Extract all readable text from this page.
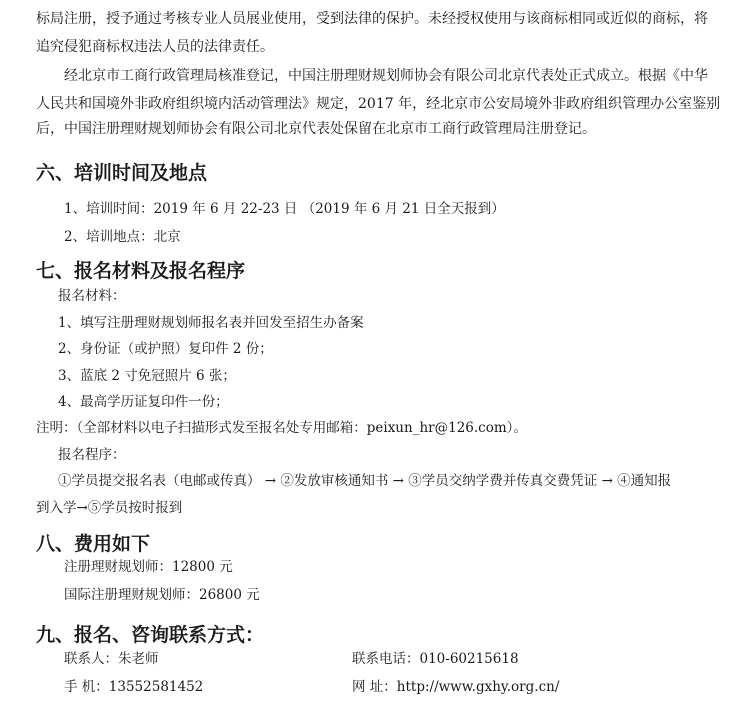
标局注册，授予通过考核专业人员展业使用，受到法律的保护。未经授权使用与该商标相同或近似的商标，将
追究侵犯商标权违法人员的法律责任。
经北京市工商行政管理局核准登记，中国注册理财规划师协会有限公司北京代表处正式成立。根据《中华
人民共和国境外非政府组织境内活动管理法》规定，2017 年，经北京市公安局境外非政府组织管理办公室鉴别
后，中国注册理财规划师协会有限公司北京代表处保留在北京市工商行政管理局注册登记。
六、培训时间及地点
1、培训时间：2019 年 6 月 22-23 日 （2019 年 6 月 21 日全天报到）
2、培训地点：北京
七、报名材料及报名程序
报名材料：
1、填写注册理财规划师报名表并回发至招生办备案
2、身份证（或护照）复印件 2 份；
3、蓝底 2 寸免冠照片 6 张；
4、最高学历证复印件一份；
注明：（全部材料以电子扫描形式发至报名处专用邮箱：peixun_hr@126.com）。
报名程序：
①学员提交报名表（电邮或传真） → ②发放审核通知书 → ③学员交纳学费并传真交费凭证 → ④通知报
到入学→⑤学员按时报到
八、费用如下
注册理财规划师：12800 元
国际注册理财规划师：26800 元
九、报名、咨询联系方式：
联系人：朱老师	联系电话：010-60215618
手 机：13552581452	网 址：http://www.gxhy.org.cn/
